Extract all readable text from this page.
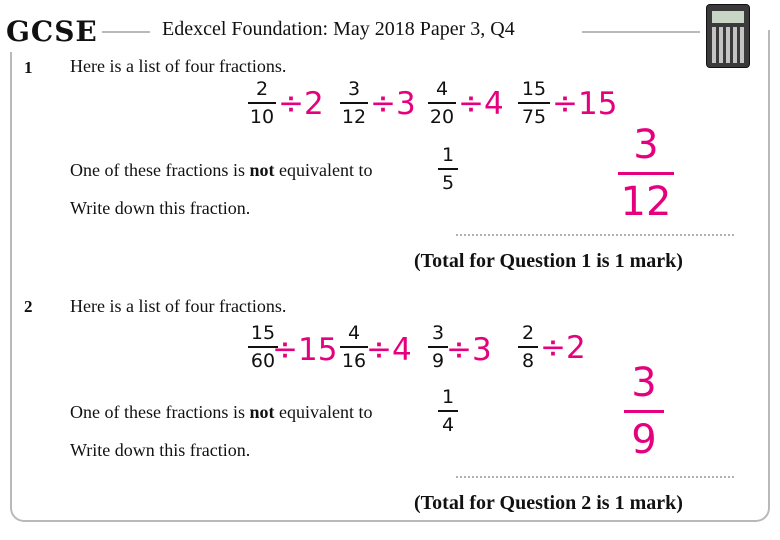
GCSE	Edexcel Foundation: May 2018 Paper 3, Q4
1 Here is a list of four fractions.
2
10 ÷2	3
12 ÷3	4
20 ÷4 15
75 ÷15
One of these fractions is not equivalent to
1
5
Write down this fraction.
3
12
(Total for Question 1 is 1 mark)
2 Here is a list of four fractions.
15
60
÷15 4
16 ÷4 3
9 ÷3 2
8 ÷2
One of these fractions is not equivalent to
1
4
Write down this fraction.
3
9
(Total for Question 2 is 1 mark)
